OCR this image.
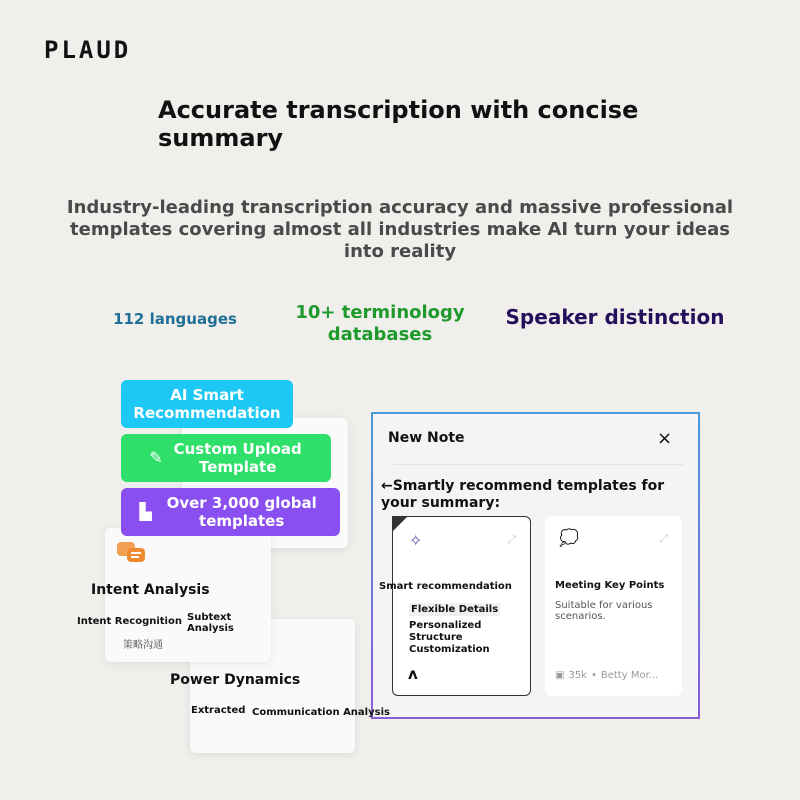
PLAUD
Accurate transcription with concise summary
Industry-leading transcription accuracy and massive professional templates covering almost all industries make AI turn your ideas into reality
112 languages	10+ terminology databases
Speaker distinction
Power Dynamics
Extracted Communication Analysis
Intent Analysis
Intent Recognition Subtext Analysis
策略沟通
AI Smart Recommendation
✎ Custom Upload Template
▙ Over 3,000 global templates
New Note	×
←Smartly recommend templates for your summary:
✧	⤢
Smart recommendation
Flexible Details
Personalized Structure Customization
ʌ
💭	⤢
Meeting Key Points
Suitable for various scenarios.
▣ 35k • Betty Mor...
